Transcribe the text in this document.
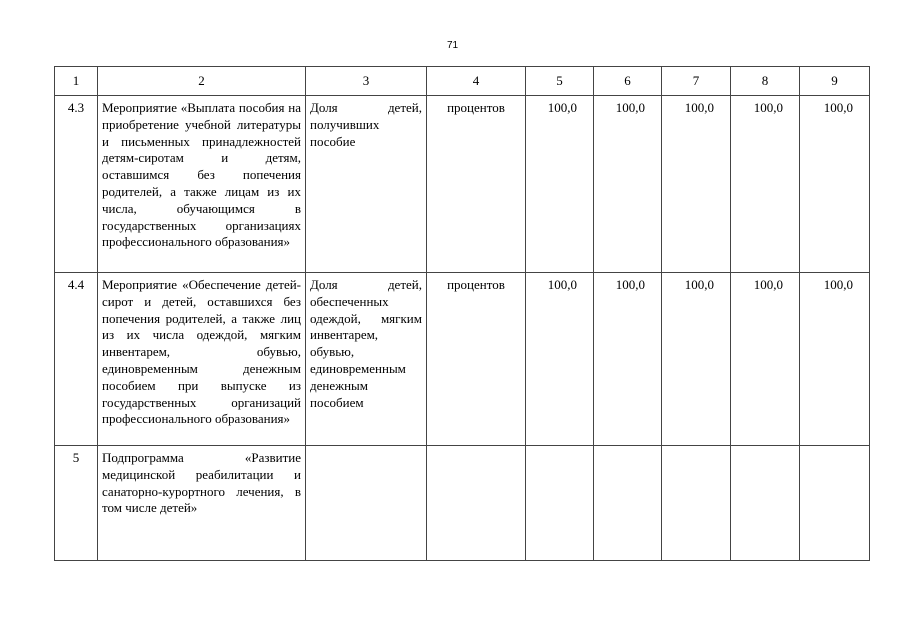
71
1	2	3	4	5	6	7	8	9
4.3	Мероприятие «Выплата пособия на приобретение учебной литературы и письменных принадлежностей детям-сиротам и детям, оставшимся без попечения родителей, а также лицам из их числа, обучающимся в государственных организациях профессионального образования»	Доля детей, получивших пособие	процентов	100,0	100,0	100,0	100,0	100,0
4.4	Мероприятие «Обеспечение детей-сирот и детей, оставшихся без попечения родителей, а также лиц из их числа одеждой, мягким инвентарем, обувью, единовременным денежным пособием при выпуске из государственных организаций профессионального образования»	Доля детей, обеспеченных одеждой, мягким инвентарем, обувью, единовременным денежным пособием	процентов	100,0	100,0	100,0	100,0	100,0
5	Подпрограмма «Развитие медицинской реабилитации и санаторно-курортного лечения, в том числе детей»							
